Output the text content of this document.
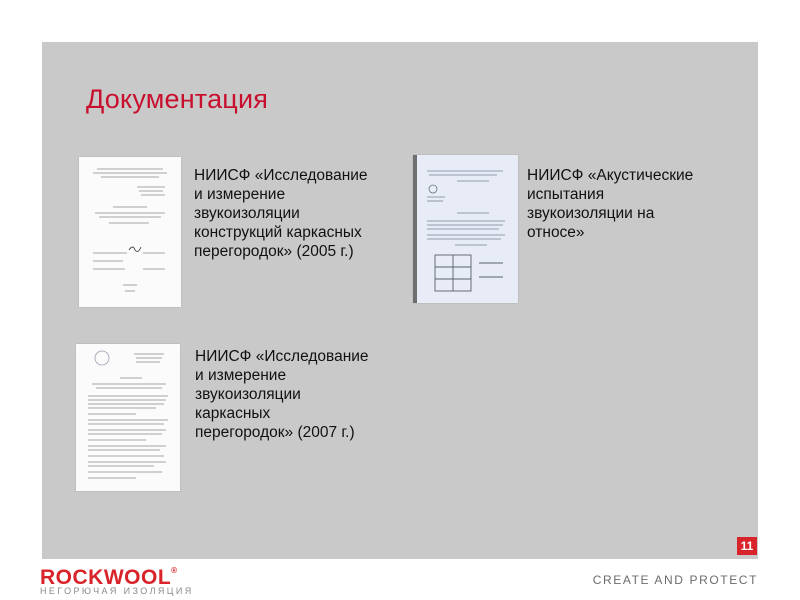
Документация
НИИСФ «Исследование
и измерение
звукоизоляции
конструкций каркасных
перегородок» (2005 г.)
НИИСФ «Акустические
испытания
звукоизоляции на
относе»
НИИСФ «Исследование
и измерение
звукоизоляции
каркасных
перегородок» (2007 г.)
11
ROCKWOOL®
НЕГОРЮЧАЯ ИЗОЛЯЦИЯ
CREATE AND PROTECT
